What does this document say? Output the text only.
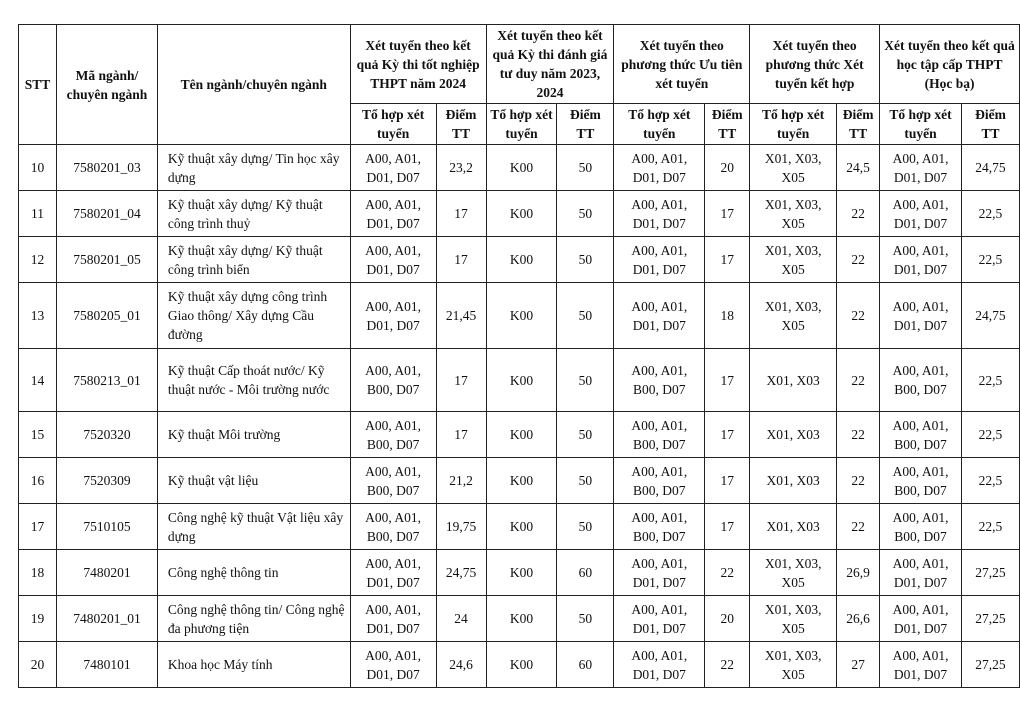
STT	Mã ngành/ chuyên ngành	Tên ngành/chuyên ngành	Xét tuyển theo kết quả Kỳ thi tốt nghiệp THPT năm 2024		Xét tuyển theo kết quả Kỳ thi đánh giá tư duy năm 2023, 2024		Xét tuyển theo phương thức Ưu tiên xét tuyển		Xét tuyển theo phương thức Xét tuyển kết hợp		Xét tuyển theo kết quả học tập cấp THPT (Học bạ)	
			Tổ hợp xét tuyển	Điểm TT	Tổ hợp xét tuyển	Điểm TT	Tổ hợp xét tuyển	Điểm TT	Tổ hợp xét tuyển	Điểm TT	Tổ hợp xét tuyển	Điểm TT
10	7580201_03	Kỹ thuật xây dựng/ Tin học xây dựng	A00, A01, D01, D07	23,2	K00	50	A00, A01, D01, D07	20	X01, X03, X05	24,5	A00, A01, D01, D07	24,75
11	7580201_04	Kỹ thuật xây dựng/ Kỹ thuật công trình thuỷ	A00, A01, D01, D07	17	K00	50	A00, A01, D01, D07	17	X01, X03, X05	22	A00, A01, D01, D07	22,5
12	7580201_05	Kỹ thuật xây dựng/ Kỹ thuật công trình biển	A00, A01, D01, D07	17	K00	50	A00, A01, D01, D07	17	X01, X03, X05	22	A00, A01, D01, D07	22,5
13	7580205_01	Kỹ thuật xây dựng công trình Giao thông/ Xây dựng Cầu đường	A00, A01, D01, D07	21,45	K00	50	A00, A01, D01, D07	18	X01, X03, X05	22	A00, A01, D01, D07	24,75
14	7580213_01	Kỹ thuật Cấp thoát nước/ Kỹ thuật nước - Môi trường nước	A00, A01, B00, D07	17	K00	50	A00, A01, B00, D07	17	X01, X03	22	A00, A01, B00, D07	22,5
15	7520320	Kỹ thuật Môi trường	A00, A01, B00, D07	17	K00	50	A00, A01, B00, D07	17	X01, X03	22	A00, A01, B00, D07	22,5
16	7520309	Kỹ thuật vật liệu	A00, A01, B00, D07	21,2	K00	50	A00, A01, B00, D07	17	X01, X03	22	A00, A01, B00, D07	22,5
17	7510105	Công nghệ kỹ thuật Vật liệu xây dựng	A00, A01, B00, D07	19,75	K00	50	A00, A01, B00, D07	17	X01, X03	22	A00, A01, B00, D07	22,5
18	7480201	Công nghệ thông tin	A00, A01, D01, D07	24,75	K00	60	A00, A01, D01, D07	22	X01, X03, X05	26,9	A00, A01, D01, D07	27,25
19	7480201_01	Công nghệ thông tin/ Công nghệ đa phương tiện	A00, A01, D01, D07	24	K00	50	A00, A01, D01, D07	20	X01, X03, X05	26,6	A00, A01, D01, D07	27,25
20	7480101	Khoa học Máy tính	A00, A01, D01, D07	24,6	K00	60	A00, A01, D01, D07	22	X01, X03, X05	27	A00, A01, D01, D07	27,25
